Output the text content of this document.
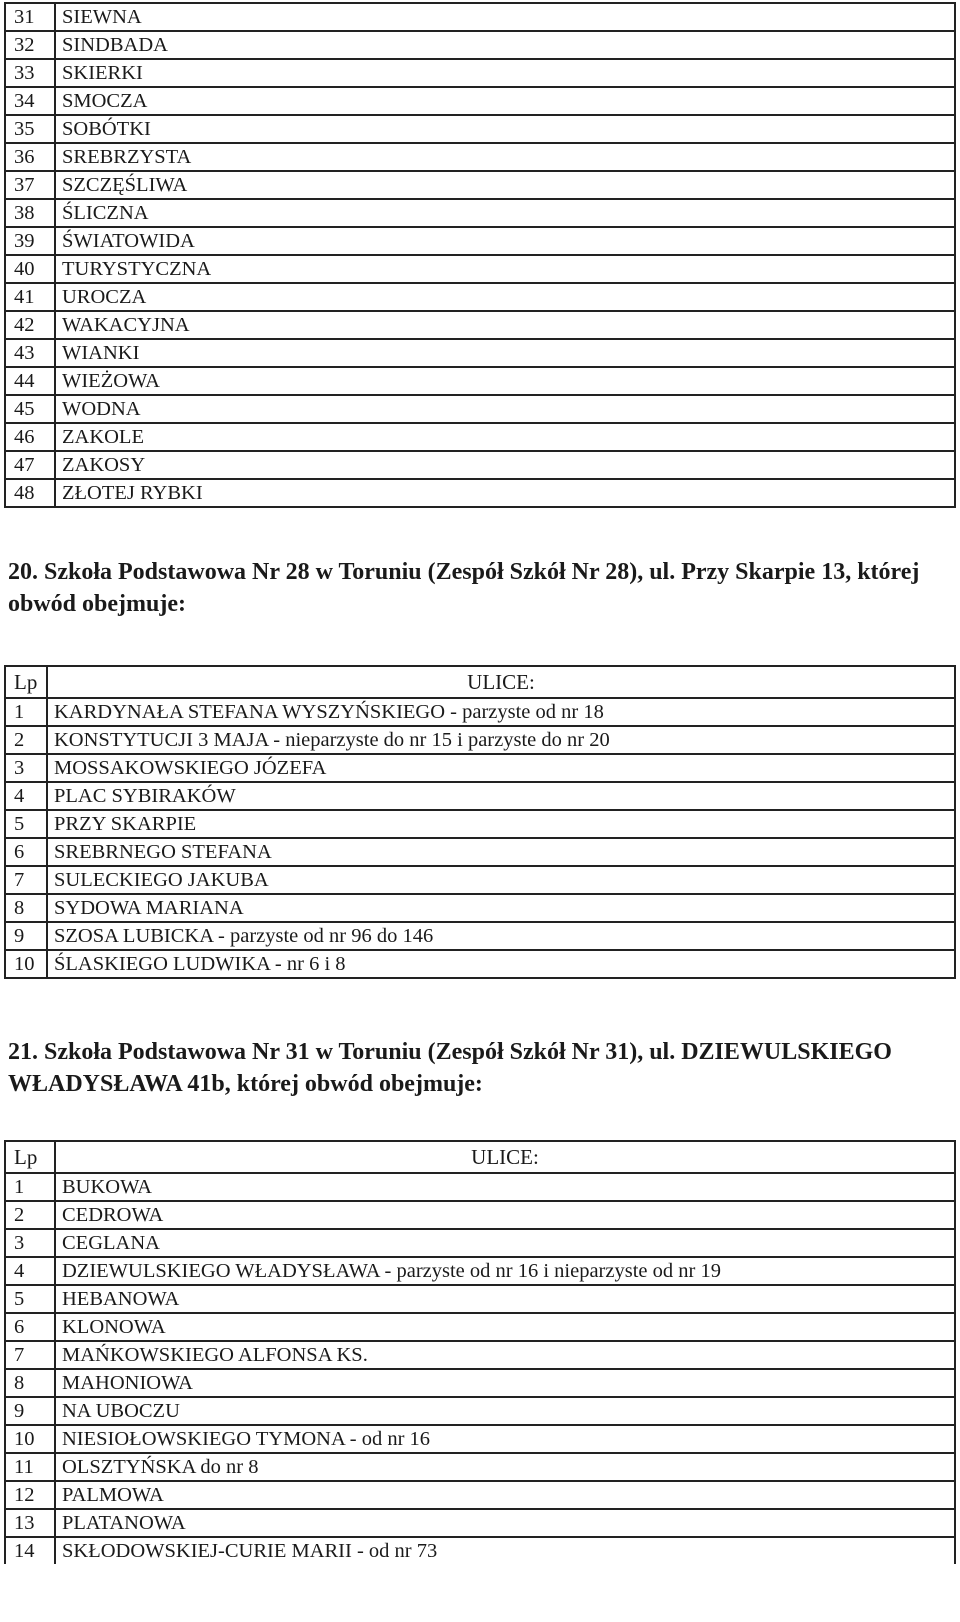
31	SIEWNA
32	SINDBADA
33	SKIERKI
34	SMOCZA
35	SOBÓTKI
36	SREBRZYSTA
37	SZCZĘŚLIWA
38	ŚLICZNA
39	ŚWIATOWIDA
40	TURYSTYCZNA
41	UROCZA
42	WAKACYJNA
43	WIANKI
44	WIEŻOWA
45	WODNA
46	ZAKOLE
47	ZAKOSY
48	ZŁOTEJ RYBKI

20. Szkoła Podstawowa Nr 28 w Toruniu (Zespół Szkół Nr 28), ul. Przy Skarpie 13, której obwód obejmuje:

Lp	ULICE:
1	KARDYNAŁA STEFANA WYSZYŃSKIEGO - parzyste od nr 18
2	KONSTYTUCJI 3 MAJA - nieparzyste do nr 15 i parzyste do nr 20
3	MOSSAKOWSKIEGO JÓZEFA
4	PLAC SYBIRAKÓW
5	PRZY SKARPIE
6	SREBRNEGO STEFANA
7	SULECKIEGO JAKUBA
8	SYDOWA MARIANA
9	SZOSA LUBICKA - parzyste od nr 96 do 146
10	ŚLASKIEGO LUDWIKA - nr 6 i 8

21. Szkoła Podstawowa Nr 31 w Toruniu (Zespół Szkół Nr 31), ul. DZIEWULSKIEGO WŁADYSŁAWA 41b, której obwód obejmuje:

Lp	ULICE:
1	BUKOWA
2	CEDROWA
3	CEGLANA
4	DZIEWULSKIEGO WŁADYSŁAWA - parzyste od nr 16 i nieparzyste od nr 19
5	HEBANOWA
6	KLONOWA
7	MAŃKOWSKIEGO ALFONSA KS.
8	MAHONIOWA
9	NA UBOCZU
10	NIESIOŁOWSKIEGO TYMONA - od nr 16
11	OLSZTYŃSKA do nr 8
12	PALMOWA
13	PLATANOWA
14	SKŁODOWSKIEJ-CURIE MARII - od nr 73
